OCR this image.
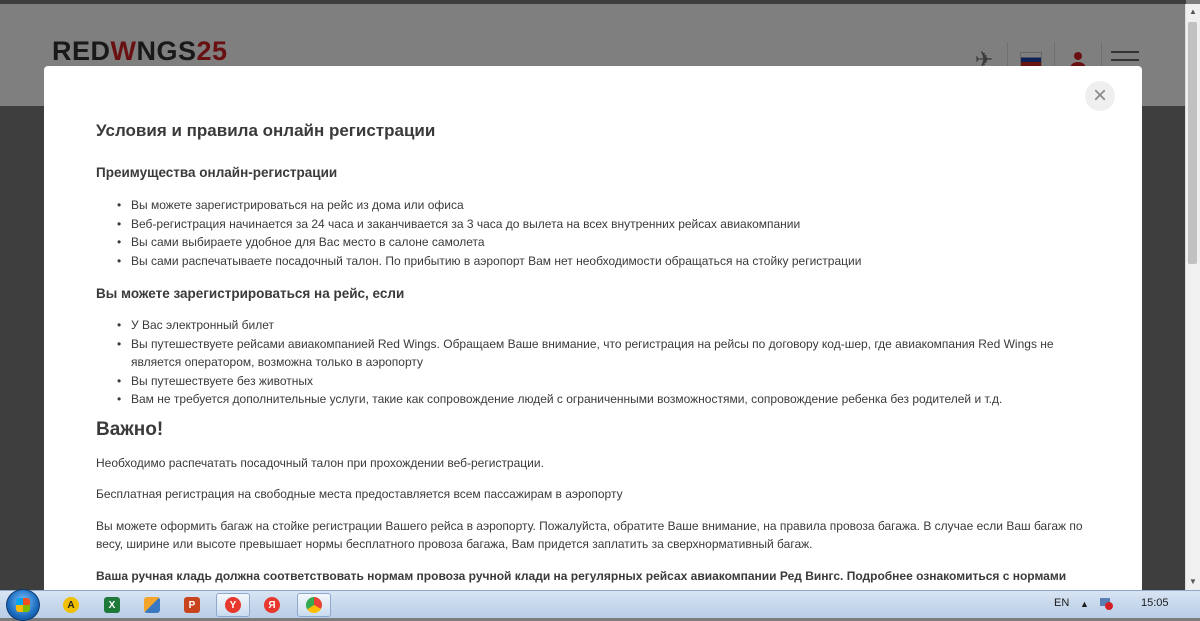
▲
▼
×
Условия и правила онлайн регистрации
Преимущества онлайн-регистрации
• Вы можете зарегистрироваться на рейс из дома или офиса
• Веб-регистрация начинается за 24 часа и заканчивается за 3 часа до вылета на всех внутренних рейсах авиакомпании
• Вы сами выбираете удобное для Вас место в салоне самолета
• Вы сами распечатываете посадочный талон. По прибытию в аэропорт Вам нет необходимости обращаться на стойку регистрации
Вы можете зарегистрироваться на рейс, если
• У Вас электронный билет
• Вы путешествуете рейсами авиакомпанией Red Wings. Обращаем Ваше внимание, что регистрация на рейсы по договору код-шер, где авиакомпания Red Wings не является оператором, возможна только в аэропорту
• Вы путешествуете без животных
• Вам не требуется дополнительные услуги, такие как сопровождение людей с ограниченными возможностями, сопровождение ребенка без родителей и т.д.
Важно!

Необходимо распечатать посадочный талон при прохождении веб-регистрации.

Бесплатная регистрация на свободные места предоставляется всем пассажирам в аэропорту

Вы можете оформить багаж на стойке регистрации Вашего рейса в аэропорту. Пожалуйста, обратите Ваше внимание, на правила провоза багажа. В случае если Ваш багаж по весу, ширине или высоте превышает нормы бесплатного провоза багажа, Вам придется заплатить за сверхнормативный багаж.

Ваша ручная кладь должна соответствовать нормам провоза ручной клади на регулярных рейсах авиакомпании Ред Вингс. Подробнее ознакомиться с нормами

A	X	P	Y	Я	EN ▲	15:05
